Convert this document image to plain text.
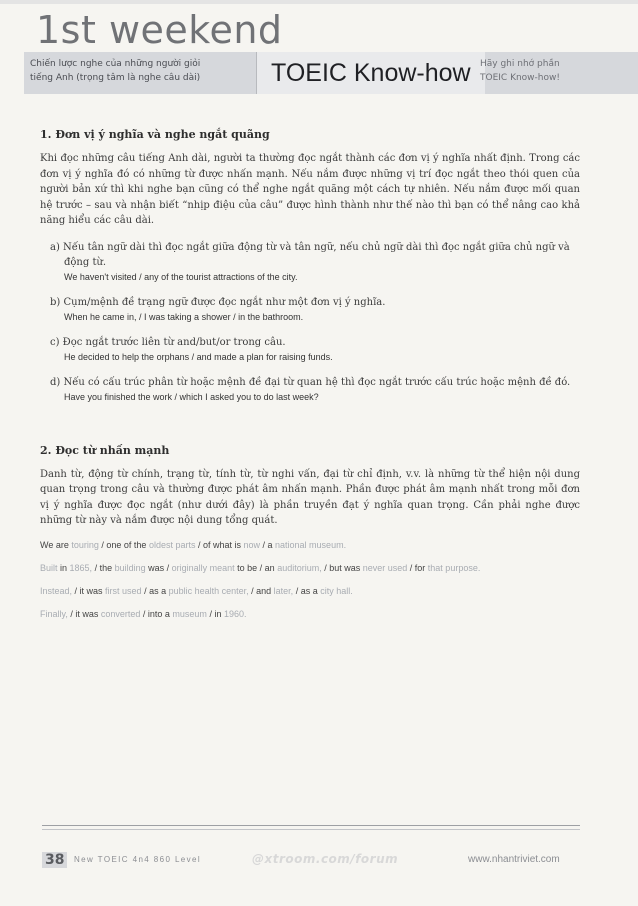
1st weekend
Chiến lược nghe của những người giỏi
tiếng Anh (trọng tâm là nghe câu dài)	TOEIC Know-how	Hãy ghi nhớ phần
TOEIC Know-how!
1. Đơn vị ý nghĩa và nghe ngắt quãng

Khi đọc những câu tiếng Anh dài, người ta thường đọc ngắt thành các đơn vị ý nghĩa nhất định. Trong các đơn vị ý nghĩa đó có những từ được nhấn mạnh. Nếu nắm được những vị trí đọc ngắt theo thói quen của người bản xứ thì khi nghe bạn cũng có thể nghe ngắt quãng một cách tự nhiên. Nếu nắm được mối quan hệ trước – sau và nhận biết “nhịp điệu của câu” được hình thành như thế nào thì bạn có thể nâng cao khả năng hiểu các câu dài.

a) Nếu tân ngữ dài thì đọc ngắt giữa động từ và tân ngữ, nếu chủ ngữ dài thì đọc ngắt giữa chủ ngữ và động từ.
We haven't visited / any of the tourist attractions of the city.
b) Cụm/mệnh đề trạng ngữ được đọc ngắt như một đơn vị ý nghĩa.
When he came in, / I was taking a shower / in the bathroom.
c) Đọc ngắt trước liên từ and/but/or trong câu.
He decided to help the orphans / and made a plan for raising funds.
d) Nếu có cấu trúc phân từ hoặc mệnh đề đại từ quan hệ thì đọc ngắt trước cấu trúc hoặc mệnh đề đó.
Have you finished the work / which I asked you to do last week?
2. Đọc từ nhấn mạnh

Danh từ, động từ chính, trạng từ, tính từ, từ nghi vấn, đại từ chỉ định, v.v. là những từ thể hiện nội dung quan trọng trong câu và thường được phát âm nhấn mạnh. Phần được phát âm mạnh nhất trong mỗi đơn vị ý nghĩa được đọc ngắt (như dưới đây) là phần truyền đạt ý nghĩa quan trọng. Cần phải nghe được những từ này và nắm được nội dung tổng quát.

We are touring / one of the oldest parts / of what is now / a national museum.
Built in 1865, / the building was / originally meant to be / an auditorium, / but was never used / for that purpose.
Instead, / it was first used / as a public health center, / and later, / as a city hall.
Finally, / it was converted / into a museum / in 1960.
38	New TOEIC 4n4 860 Level	@xtroom.com/forum	www.nhantriviet.com
